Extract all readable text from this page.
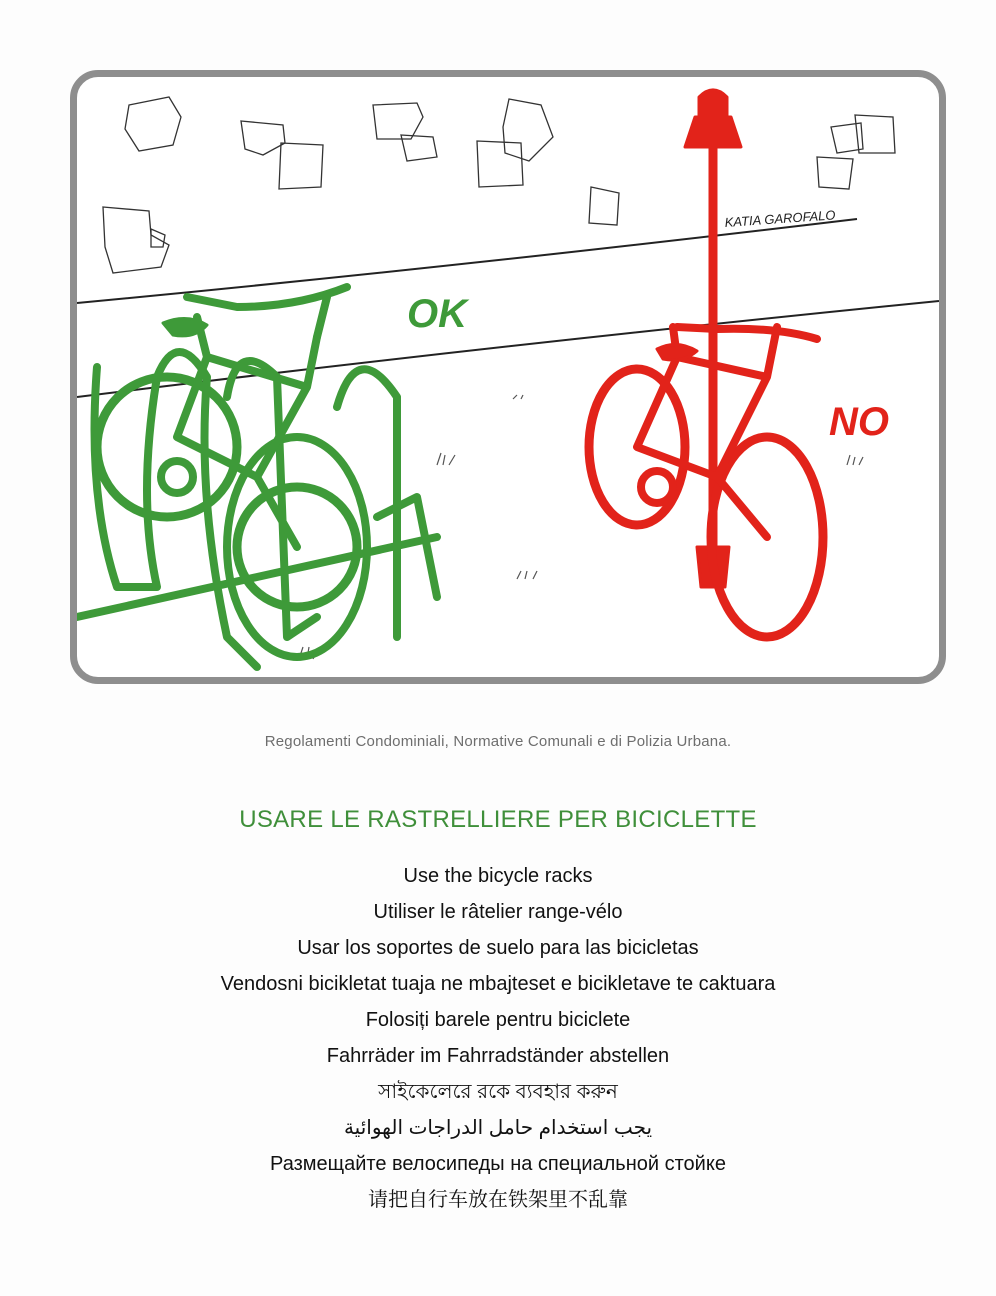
OK
NO
KATIA GAROFALO
Regolamenti Condominiali, Normative Comunali e di Polizia Urbana.
USARE LE RASTRELLIERE PER BICICLETTE
Use the bicycle racks
Utiliser le râtelier range-vélo
Usar los soportes de suelo para las bicicletas
Vendosni bicikletat tuaja ne mbajteset e bicikletave te caktuara
Folosiți barele pentru biciclete
Fahrräder im Fahrradständer abstellen
সাইকেলেরে রকে ব্যবহার করুন
يجب استخدام حامل الدراجات الهوائية
Размещайте велосипеды на специальной стойке
请把自行车放在铁架里不乱靠
